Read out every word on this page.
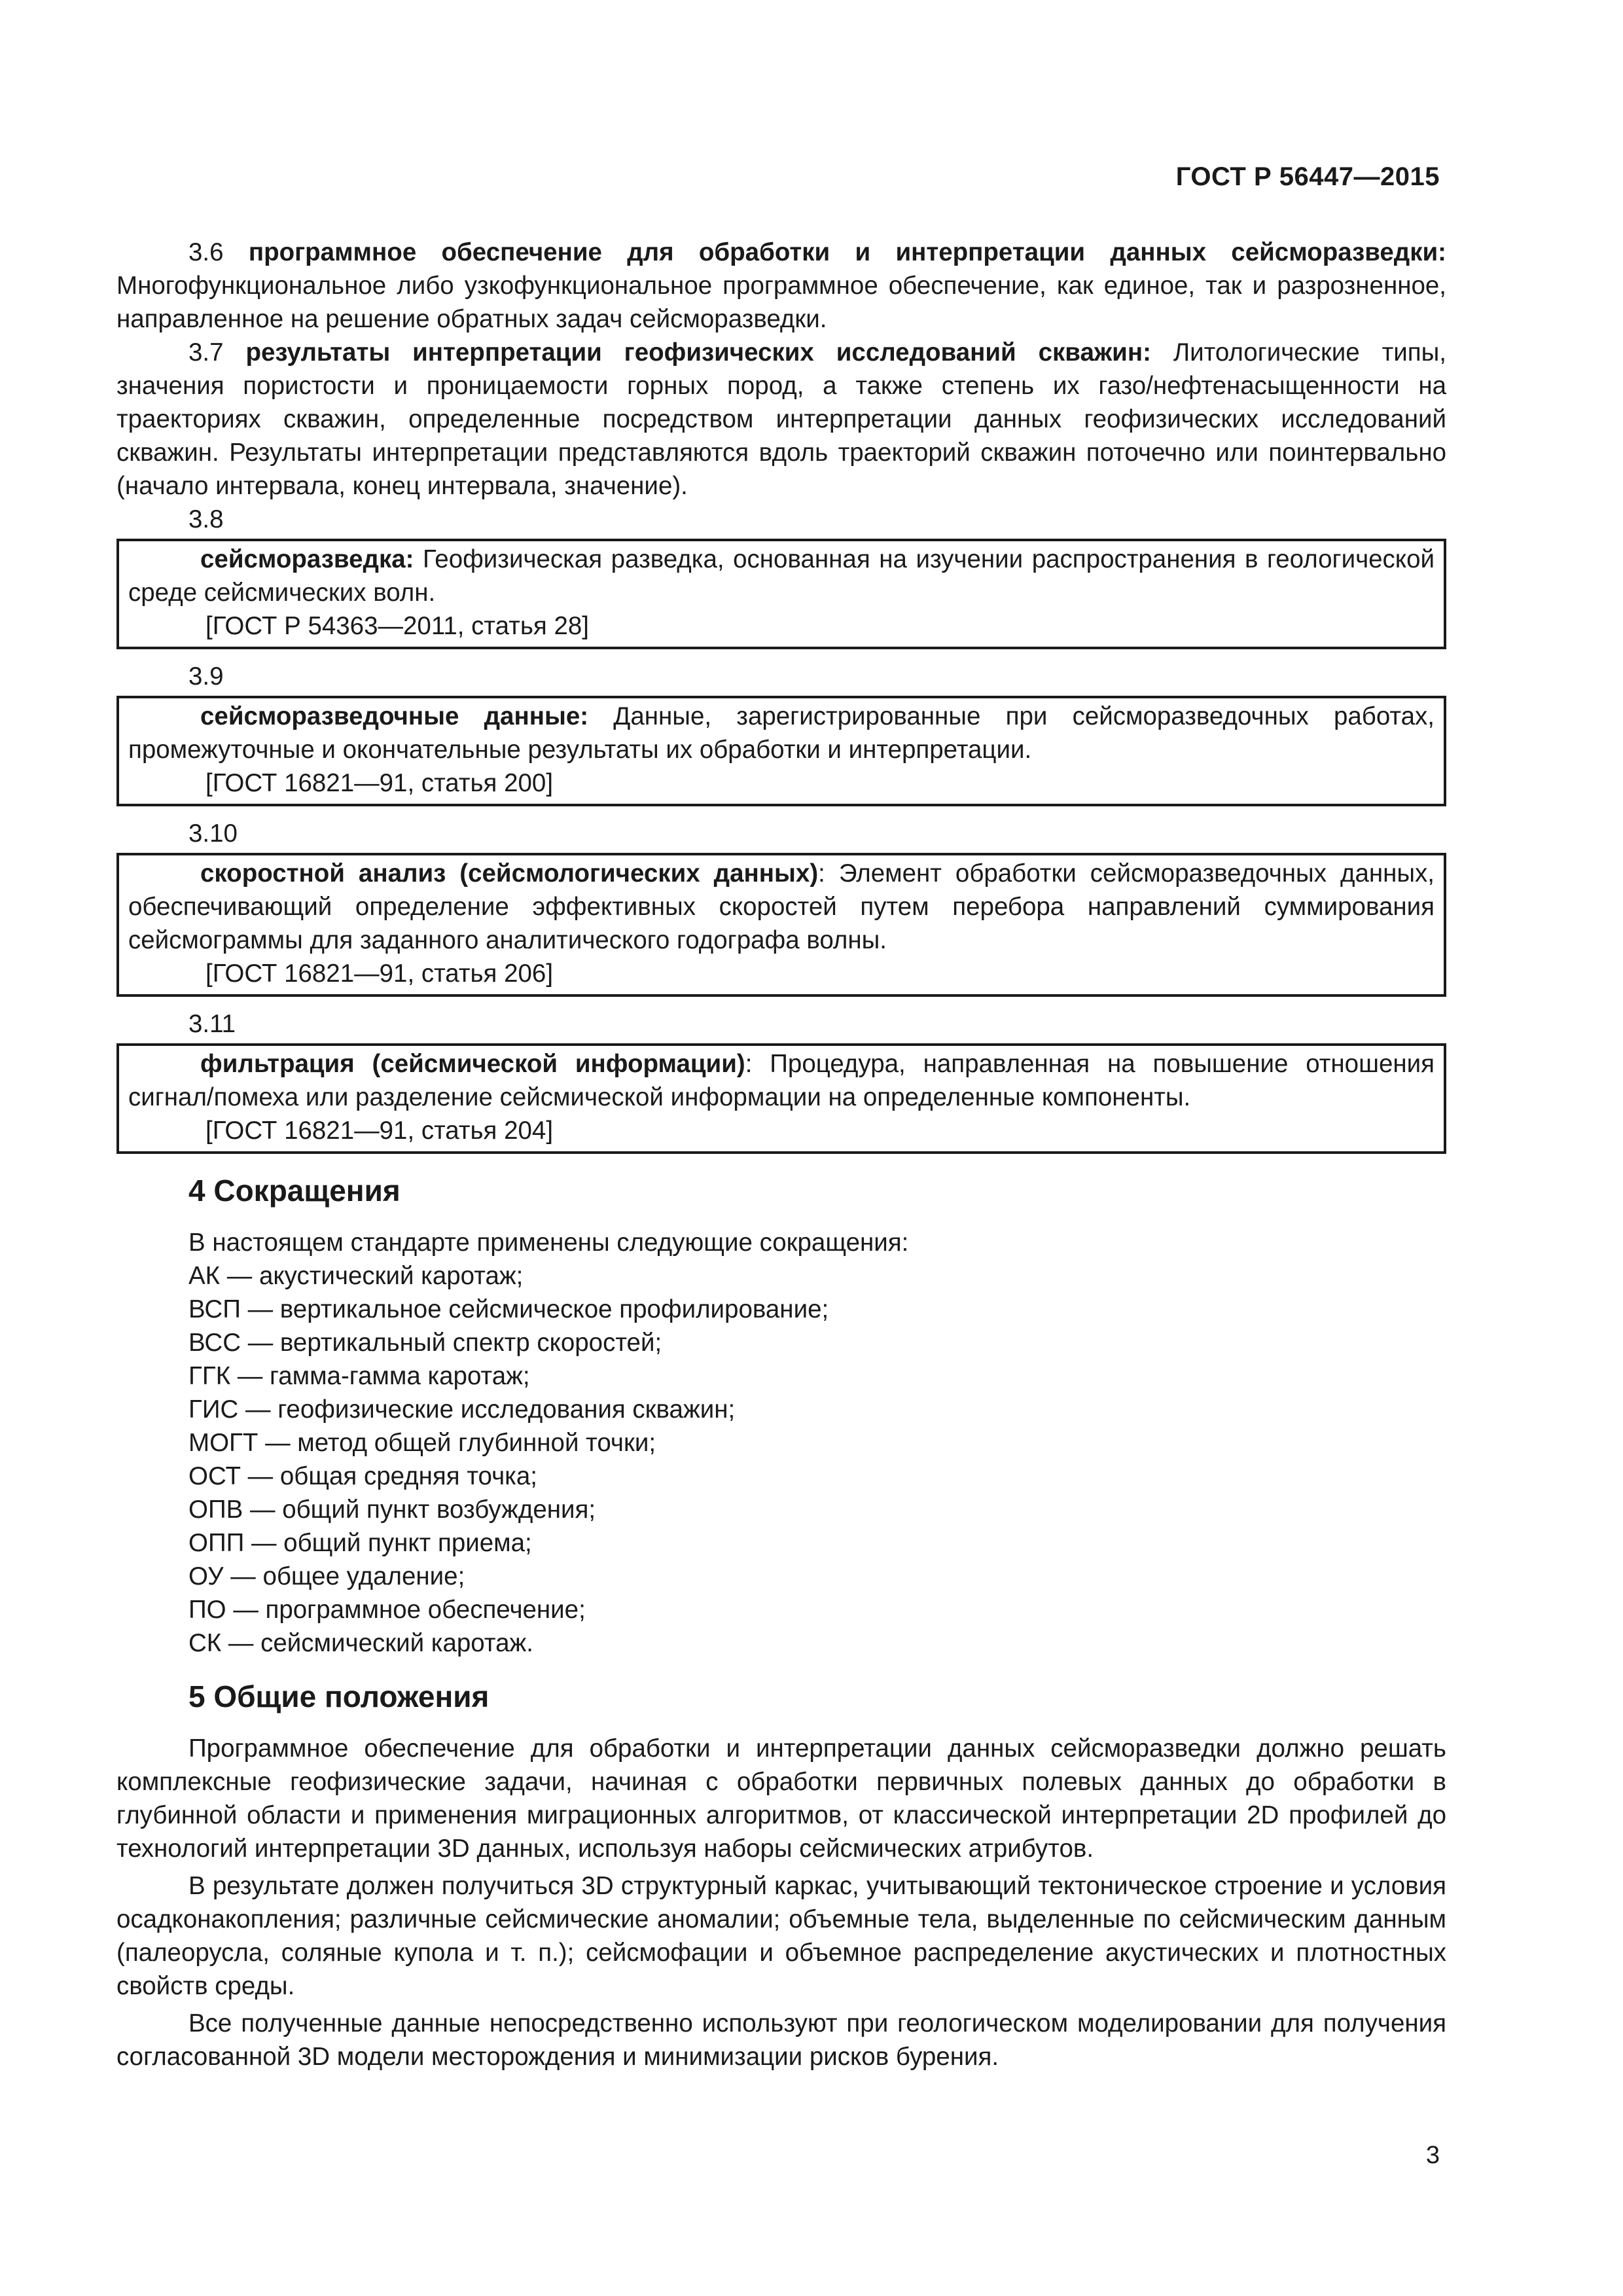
ГОСТ Р 56447—2015

3.6 программное обеспечение для обработки и интерпретации данных сейсморазведки: Многофункциональное либо узкофункциональное программное обеспечение, как единое, так и разрозненное, направленное на решение обратных задач сейсморазведки.

3.7 результаты интерпретации геофизических исследований скважин: Литологические типы, значения пористости и проницаемости горных пород, а также степень их газо/нефтенасыщенности на траекториях скважин, определенные посредством интерпретации данных геофизических исследований скважин. Результаты интерпретации представляются вдоль траекторий скважин поточечно или поинтервально (начало интервала, конец интервала, значение).

3.8

сейсморазведка: Геофизическая разведка, основанная на изучении распространения в геологической среде сейсмических волн.

[ГОСТ Р 54363—2011, статья 28]
3.9

сейсморазведочные данные: Данные, зарегистрированные при сейсморазведочных работах, промежуточные и окончательные результаты их обработки и интерпретации.

[ГОСТ 16821—91, статья 200]
3.10

скоростной анализ (сейсмологических данных): Элемент обработки сейсморазведочных данных, обеспечивающий определение эффективных скоростей путем перебора направлений суммирования сейсмограммы для заданного аналитического годографа волны.

[ГОСТ 16821—91, статья 206]
3.11

фильтрация (сейсмической информации): Процедура, направленная на повышение отношения сигнал/помеха или разделение сейсмической информации на определенные компоненты.

[ГОСТ 16821—91, статья 204]
4 Сокращения

В настоящем стандарте применены следующие сокращения:

АК — акустический каротаж;
ВСП — вертикальное сейсмическое профилирование;
ВСС — вертикальный спектр скоростей;
ГГК — гамма-гамма каротаж;
ГИС — геофизические исследования скважин;
МОГТ — метод общей глубинной точки;
ОСТ — общая средняя точка;
ОПВ — общий пункт возбуждения;
ОПП — общий пункт приема;
ОУ — общее удаление;
ПО — программное обеспечение;
СК — сейсмический каротаж.
5 Общие положения

Программное обеспечение для обработки и интерпретации данных сейсморазведки должно решать комплексные геофизические задачи, начиная с обработки первичных полевых данных до обработки в глубинной области и применения миграционных алгоритмов, от классической интерпретации 2D профилей до технологий интерпретации 3D данных, используя наборы сейсмических атрибутов.

В результате должен получиться 3D структурный каркас, учитывающий тектоническое строение и условия осадконакопления; различные сейсмические аномалии; объемные тела, выделенные по сейсмическим данным (палеорусла, соляные купола и т. п.); сейсмофации и объемное распределение акустических и плотностных свойств среды.

Все полученные данные непосредственно используют при геологическом моделировании для получения согласованной 3D модели месторождения и минимизации рисков бурения.

3
